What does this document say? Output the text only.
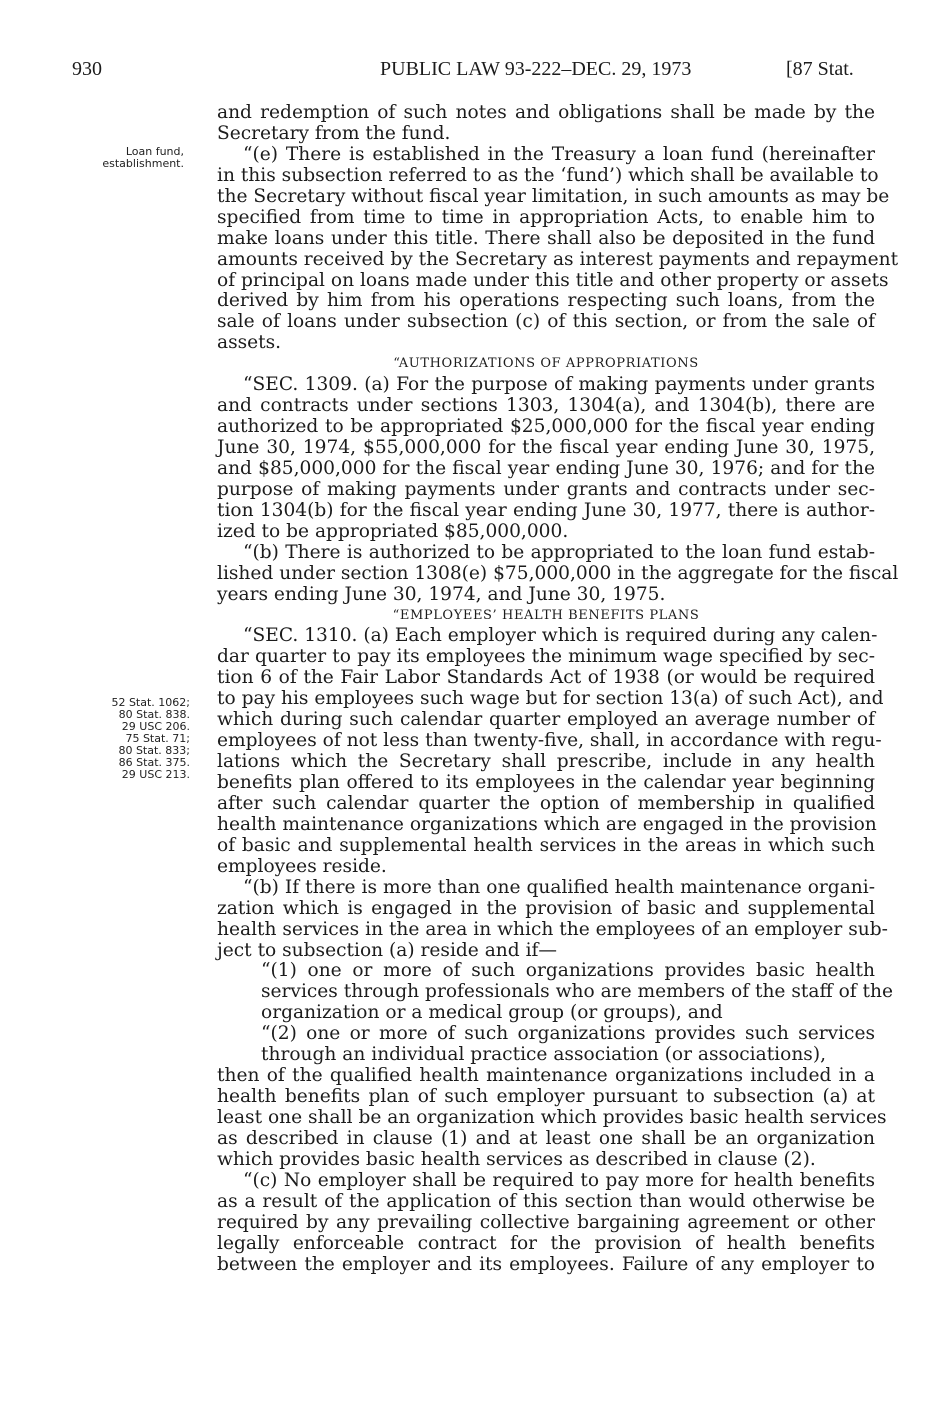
930	PUBLIC LAW 93-222–DEC. 29, 1973	[87 Stat.
Loan fund,
establishment.
52 Stat. 1062;
80 Stat. 838.
29 USC 206.
75 Stat. 71;
80 Stat. 833;
86 Stat. 375.
29 USC 213.
and redemption of such notes and obligations shall be made by the
Secretary from the fund.
“(e) There is established in the Treasury a loan fund (hereinafter
in this subsection referred to as the ‘fund’) which shall be available to
the Secretary without fiscal year limitation, in such amounts as may be
specified from time to time in appropriation Acts, to enable him to
make loans under this title. There shall also be deposited in the fund
amounts received by the Secretary as interest payments and repayment
of principal on loans made under this title and other property or assets
derived by him from his operations respecting such loans, from the
sale of loans under subsection (c) of this section, or from the sale of
assets.
“AUTHORIZATIONS OF APPROPRIATIONS
“SEC. 1309. (a) For the purpose of making payments under grants
and contracts under sections 1303, 1304(a), and 1304(b), there are
authorized to be appropriated $25,000,000 for the fiscal year ending
June 30, 1974, $55,000,000 for the fiscal year ending June 30, 1975,
and $85,000,000 for the fiscal year ending June 30, 1976; and for the
purpose of making payments under grants and contracts under sec-
tion 1304(b) for the fiscal year ending June 30, 1977, there is author-
ized to be appropriated $85,000,000.
“(b) There is authorized to be appropriated to the loan fund estab-
lished under section 1308(e) $75,000,000 in the aggregate for the fiscal
years ending June 30, 1974, and June 30, 1975.
“EMPLOYEES’ HEALTH BENEFITS PLANS
“SEC. 1310. (a) Each employer which is required during any calen-
dar quarter to pay its employees the minimum wage specified by sec-
tion 6 of the Fair Labor Standards Act of 1938 (or would be required
to pay his employees such wage but for section 13(a) of such Act), and
which during such calendar quarter employed an average number of
employees of not less than twenty-five, shall, in accordance with regu-
lations which the Secretary shall prescribe, include in any health
benefits plan offered to its employees in the calendar year beginning
after such calendar quarter the option of membership in qualified
health maintenance organizations which are engaged in the provision
of basic and supplemental health services in the areas in which such
employees reside.
“(b) If there is more than one qualified health maintenance organi-
zation which is engaged in the provision of basic and supplemental
health services in the area in which the employees of an employer sub-
ject to subsection (a) reside and if—
“(1) one or more of such organizations provides basic health
services through professionals who are members of the staff of the
organization or a medical group (or groups), and
“(2) one or more of such organizations provides such services
through an individual practice association (or associations),
then of the qualified health maintenance organizations included in a
health benefits plan of such employer pursuant to subsection (a) at
least one shall be an organization which provides basic health services
as described in clause (1) and at least one shall be an organization
which provides basic health services as described in clause (2).
“(c) No employer shall be required to pay more for health benefits
as a result of the application of this section than would otherwise be
required by any prevailing collective bargaining agreement or other
legally enforceable contract for the provision of health benefits
between the employer and its employees. Failure of any employer to
